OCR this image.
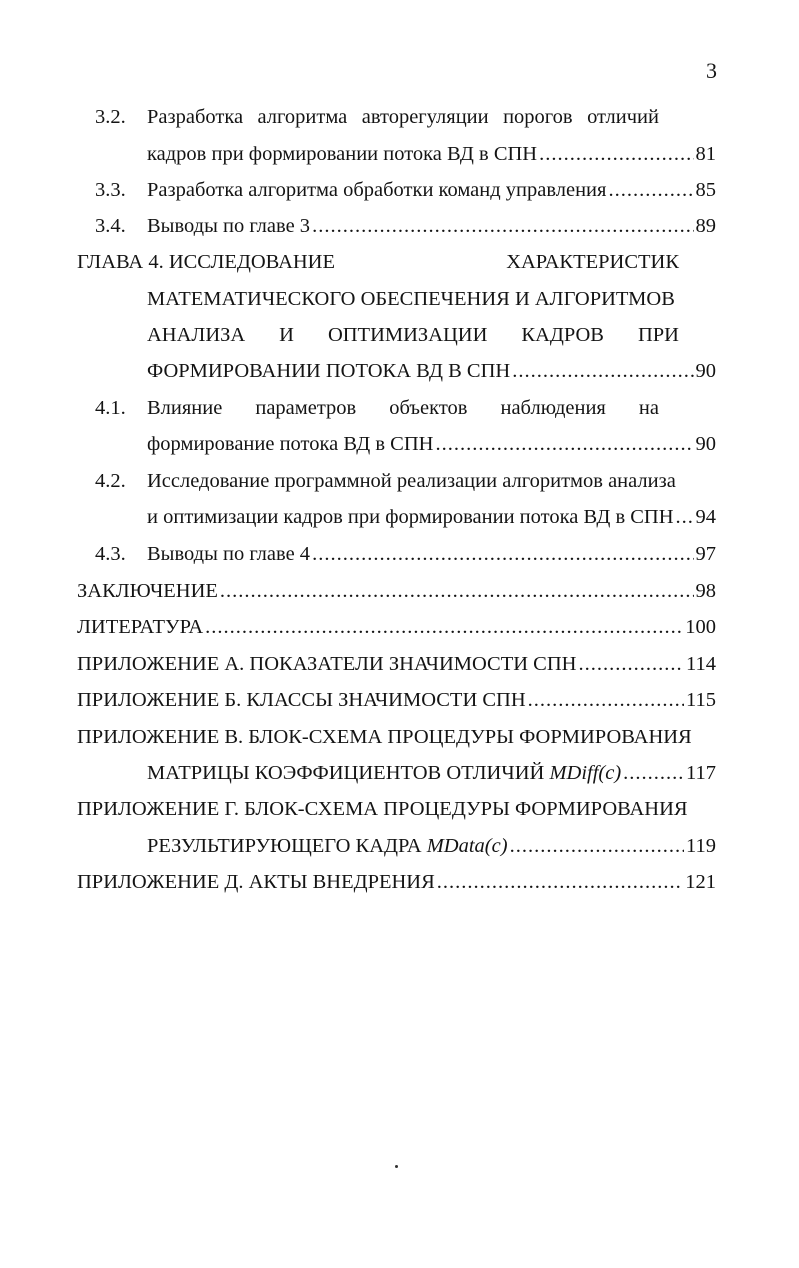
3
3.2. Разработка алгоритма авторегуляции порогов отличий
кадров при формировании потока ВД в СПН .....	81
3.3. Разработка алгоритма обработки команд управления .....	85
3.4. Выводы по главе 3 .....	89
ГЛАВА 4. ИССЛЕДОВАНИЕ	ХАРАКТЕРИСТИК
МАТЕМАТИЧЕСКОГО ОБЕСПЕЧЕНИЯ И АЛГОРИТМОВ
АНАЛИЗА И ОПТИМИЗАЦИИ КАДРОВ ПРИ
ФОРМИРОВАНИИ ПОТОКА ВД В СПН .....	90
4.1. Влияние параметров объектов наблюдения на
формирование потока ВД в СПН .....	90
4.2. Исследование программной реализации алгоритмов анализа
и оптимизации кадров при формировании потока ВД в СПН ..... 94
4.3. Выводы по главе 4 .....	97
ЗАКЛЮЧЕНИЕ .....	98
ЛИТЕРАТУРА .....	100
ПРИЛОЖЕНИЕ А. ПОКАЗАТЕЛИ ЗНАЧИМОСТИ СПН .....	114
ПРИЛОЖЕНИЕ Б. КЛАССЫ ЗНАЧИМОСТИ СПН .....	115
ПРИЛОЖЕНИЕ В. БЛОК-СХЕМА ПРОЦЕДУРЫ ФОРМИРОВАНИЯ
МАТРИЦЫ КОЭФФИЦИЕНТОВ ОТЛИЧИЙ MDiff(c) .....	117
ПРИЛОЖЕНИЕ Г. БЛОК-СХЕМА ПРОЦЕДУРЫ ФОРМИРОВАНИЯ
РЕЗУЛЬТИРУЮЩЕГО КАДРА MData(c) .....	119
ПРИЛОЖЕНИЕ Д. АКТЫ ВНЕДРЕНИЯ .....	121
